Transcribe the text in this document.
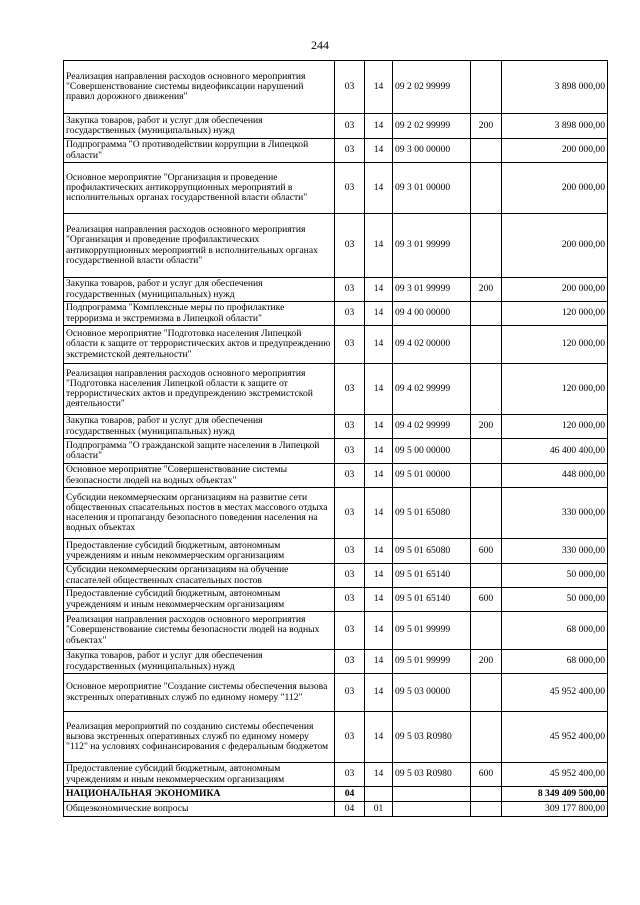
244
Реализация направления расходов основного мероприятия "Совершенствование системы видеофиксации нарушений правил дорожного движения"	03	14	09 2 02 99999		3 898 000,00
Закупка товаров, работ и услуг для обеспечения государственных (муниципальных) нужд	03	14	09 2 02 99999	200	3 898 000,00
Подпрограмма "О противодействии коррупции в Липецкой области"	03	14	09 3 00 00000		200 000,00
Основное мероприятие "Организация и проведение профилактических антикоррупционных мероприятий в исполнительных органах государственной власти области"	03	14	09 3 01 00000		200 000,00
Реализация направления расходов основного мероприятия "Организация и проведение профилактических антикоррупционных мероприятий в исполнительных органах государственной власти области"	03	14	09 3 01 99999		200 000,00
Закупка товаров, работ и услуг для обеспечения государственных (муниципальных) нужд	03	14	09 3 01 99999	200	200 000,00
Подпрограмма "Комплексные меры по профилактике терроризма и экстремизма в Липецкой области"	03	14	09 4 00 00000		120 000,00
Основное мероприятие "Подготовка населения Липецкой области к защите от террористических актов и предупреждению экстремистской деятельности"	03	14	09 4 02 00000		120 000,00
Реализация направления расходов основного мероприятия "Подготовка населения Липецкой области к защите от террористических актов и предупреждению экстремистской деятельности"	03	14	09 4 02 99999		120 000,00
Закупка товаров, работ и услуг для обеспечения государственных (муниципальных) нужд	03	14	09 4 02 99999	200	120 000,00
Подпрограмма "О гражданской защите населения в Липецкой области"	03	14	09 5 00 00000		46 400 400,00
Основное мероприятие "Совершенствование системы безопасности людей на водных объектах"	03	14	09 5 01 00000		448 000,00
Субсидии некоммерческим организациям на развитие сети общественных спасательных постов в местах массового отдыха населения и пропаганду безопасного поведения населения на водных объектах	03	14	09 5 01 65080		330 000,00
Предоставление субсидий бюджетным, автономным учреждениям и иным некоммерческим организациям	03	14	09 5 01 65080	600	330 000,00
Субсидии некоммерческим организациям на обучение спасателей общественных спасательных постов	03	14	09 5 01 65140		50 000,00
Предоставление субсидий бюджетным, автономным учреждениям и иным некоммерческим организациям	03	14	09 5 01 65140	600	50 000,00
Реализация направления расходов основного мероприятия "Совершенствование системы безопасности людей на водных объектах"	03	14	09 5 01 99999		68 000,00
Закупка товаров, работ и услуг для обеспечения государственных (муниципальных) нужд	03	14	09 5 01 99999	200	68 000,00
Основное мероприятие "Создание системы обеспечения вызова экстренных оперативных служб по единому номеру "112"	03	14	09 5 03 00000		45 952 400,00
Реализация мероприятий по созданию системы обеспечения вызова экстренных оперативных служб по единому номеру "112" на условиях софинансирования с федеральным бюджетом	03	14	09 5 03 R0980		45 952 400,00
Предоставление субсидий бюджетным, автономным учреждениям и иным некоммерческим организациям	03	14	09 5 03 R0980	600	45 952 400,00
НАЦИОНАЛЬНАЯ ЭКОНОМИКА	04				8 349 409 500,00
Общеэкономические вопросы	04	01			309 177 800,00
